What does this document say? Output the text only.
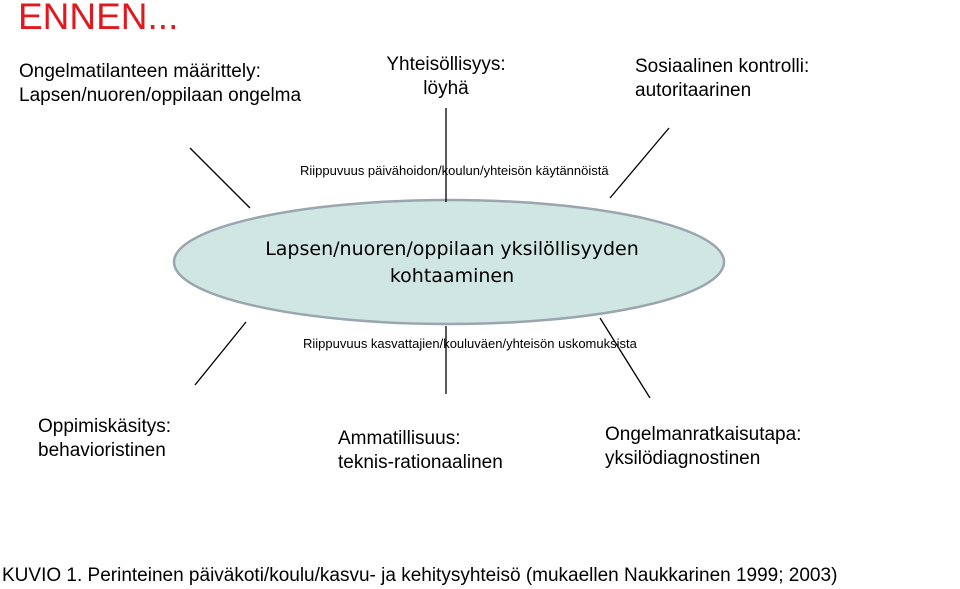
ENNEN...
Ongelmatilanteen määrittely:
Lapsen/nuoren/oppilaan ongelma
Yhteisöllisyys:
löyhä
Sosiaalinen kontrolli:
autoritaarinen
Riippuvuus päivähoidon/koulun/yhteisön käytännöistä
Lapsen/nuoren/oppilaan yksilöllisyyden
kohtaaminen
Riippuvuus kasvattajien/kouluväen/yhteisön uskomuksista
Oppimiskäsitys:
behavioristinen
Ammatillisuus:
teknis-rationaalinen
Ongelmanratkaisutapa:
yksilödiagnostinen
KUVIO 1. Perinteinen päiväkoti/koulu/kasvu- ja kehitysyhteisö (mukaellen Naukkarinen 1999; 2003)
